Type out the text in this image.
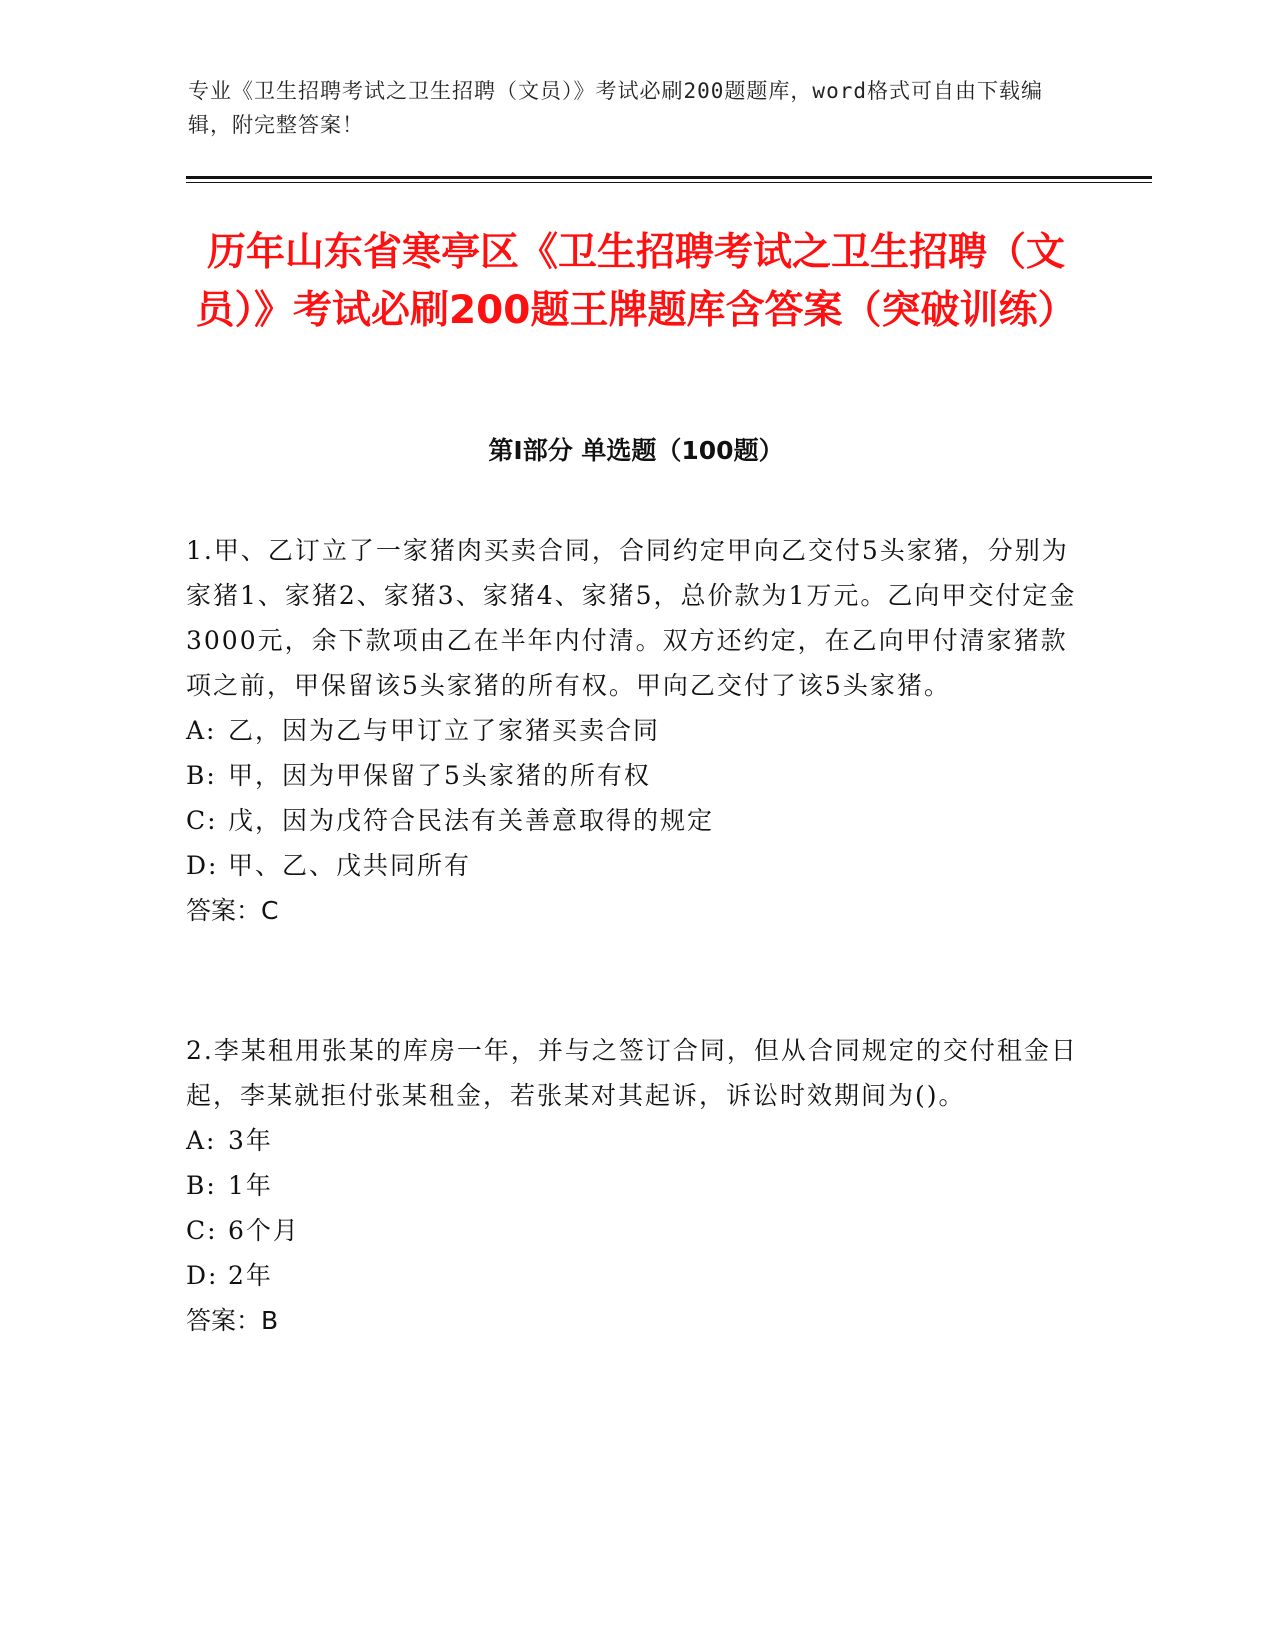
专业《卫生招聘考试之卫生招聘（文员）》考试必刷200题题库，word格式可自由下载编辑，附完整答案！
历年山东省寒亭区《卫生招聘考试之卫生招聘（文员）》考试必刷200题王牌题库含答案（突破训练）
第I部分 单选题（100题）
1.甲、乙订立了一家猪肉买卖合同，合同约定甲向乙交付5头家猪，分别为家猪1、家猪2、家猪3、家猪4、家猪5，总价款为1万元。乙向甲交付定金3000元，余下款项由乙在半年内付清。双方还约定，在乙向甲付清家猪款项之前，甲保留该5头家猪的所有权。甲向乙交付了该5头家猪。
A: 乙，因为乙与甲订立了家猪买卖合同
B: 甲，因为甲保留了5头家猪的所有权
C: 戊，因为戊符合民法有关善意取得的规定
D: 甲、乙、戊共同所有
答案：C
2.李某租用张某的库房一年，并与之签订合同，但从合同规定的交付租金日起，李某就拒付张某租金，若张某对其起诉，诉讼时效期间为()。
A: 3年
B: 1年
C: 6个月
D: 2年
答案：B
